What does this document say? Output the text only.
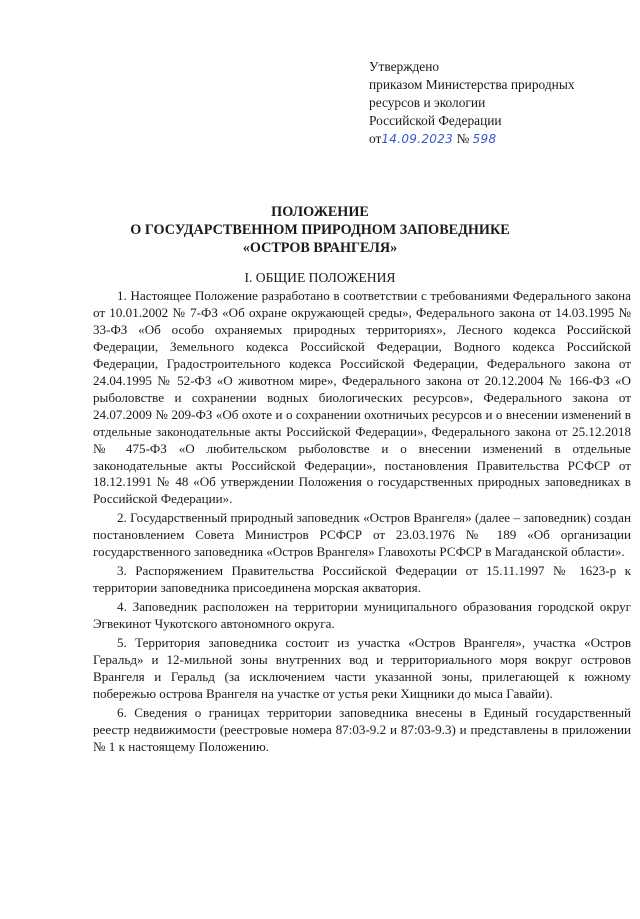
Утверждено
приказом Министерства природных
ресурсов и экологии
Российской Федерации
от14.09.2023 № 598
ПОЛОЖЕНИЕ
О ГОСУДАРСТВЕННОМ ПРИРОДНОМ ЗАПОВЕДНИКЕ
«ОСТРОВ ВРАНГЕЛЯ»
I. ОБЩИЕ ПОЛОЖЕНИЯ

1. Настоящее Положение разработано в соответствии с требованиями Федерального закона от 10.01.2002 № 7-ФЗ «Об охране окружающей среды», Федерального закона от 14.03.1995 № 33-ФЗ «Об особо охраняемых природных территориях», Лесного кодекса Российской Федерации, Земельного кодекса Российской Федерации, Водного кодекса Российской Федерации, Градостроительного кодекса Российской Федерации, Федерального закона от 24.04.1995 № 52-ФЗ «О животном мире», Федерального закона от 20.12.2004 № 166-ФЗ «О рыболовстве и сохранении водных биологических ресурсов», Федерального закона от 24.07.2009 № 209-ФЗ «Об охоте и о сохранении охотничьих ресурсов и о внесении изменений в отдельные законодательные акты Российской Федерации», Федерального закона от 25.12.2018 № 475-ФЗ «О любительском рыболовстве и о внесении изменений в отдельные законодательные акты Российской Федерации», постановления Правительства РСФСР от 18.12.1991 № 48 «Об утверждении Положения о государственных природных заповедниках в Российской Федерации».

2. Государственный природный заповедник «Остров Врангеля» (далее – заповедник) создан постановлением Совета Министров РСФСР от 23.03.1976 № 189 «Об организации государственного заповедника «Остров Врангеля» Главохоты РСФСР в Магаданской области».

3. Распоряжением Правительства Российской Федерации от 15.11.1997 № 1623-р к территории заповедника присоединена морская акватория.

4. Заповедник расположен на территории муниципального образования городской округ Эгвекинот Чукотского автономного округа.

5. Территория заповедника состоит из участка «Остров Врангеля», участка «Остров Геральд» и 12-мильной зоны внутренних вод и территориального моря вокруг островов Врангеля и Геральд (за исключением части указанной зоны, прилегающей к южному побережью острова Врангеля на участке от устья реки Хищники до мыса Гавайи).

6. Сведения о границах территории заповедника внесены в Единый государственный реестр недвижимости (реестровые номера 87:03-9.2 и 87:03-9.3) и представлены в приложении № 1 к настоящему Положению.
